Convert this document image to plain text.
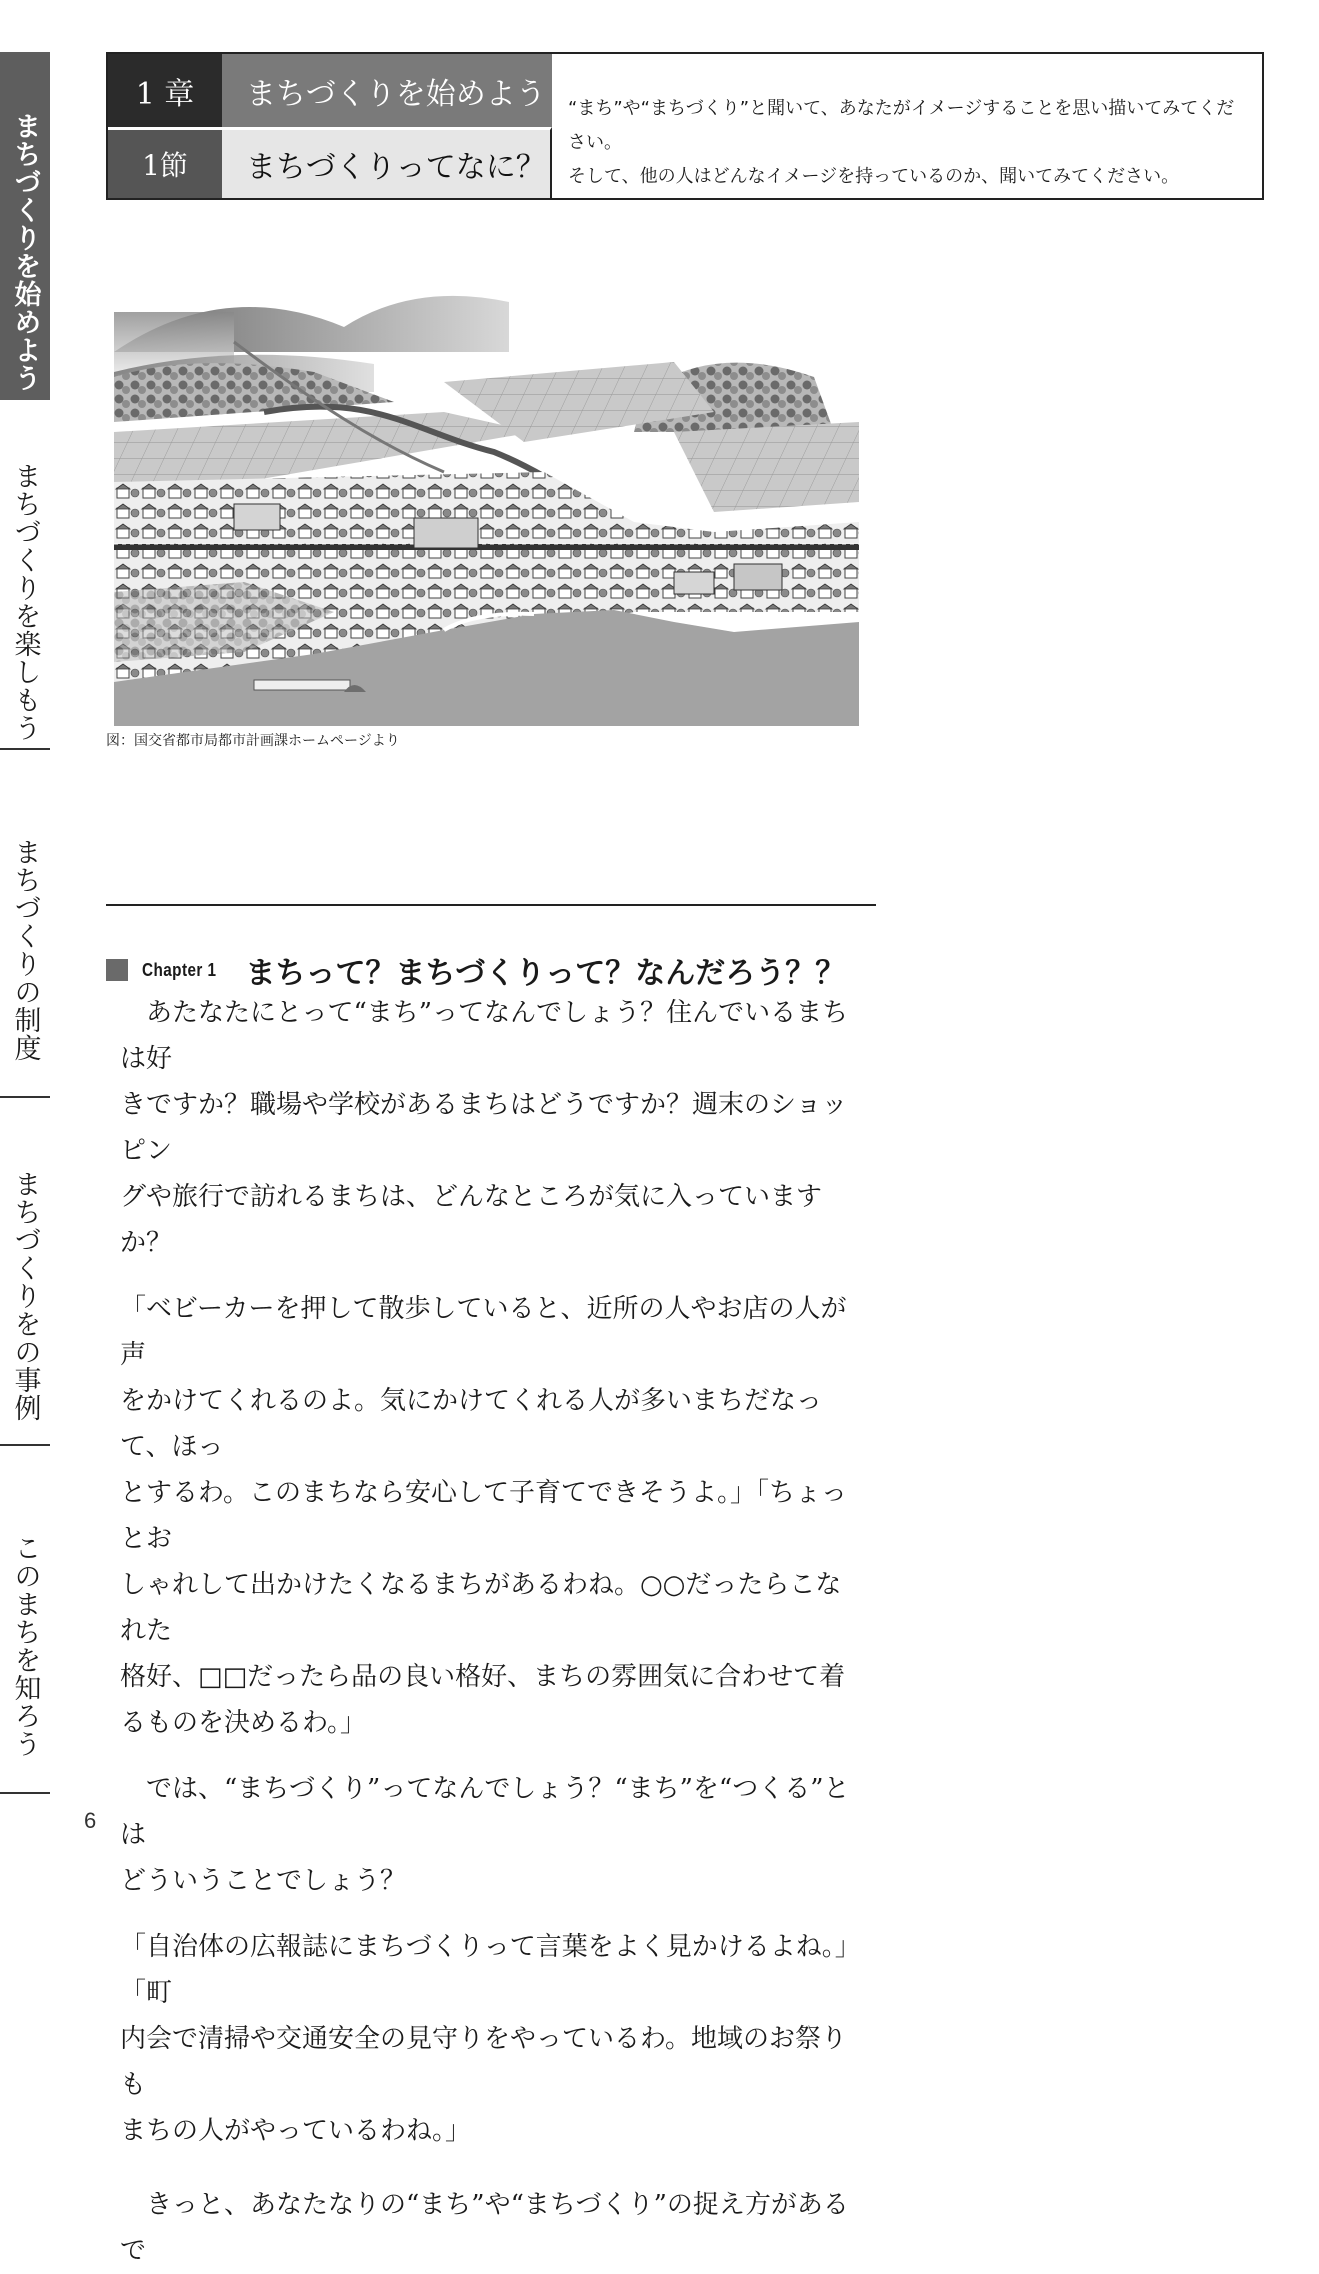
まちづくりを始めよう
まちづくりを楽しもう
まちづくりの制度
まちづくりをの事例
このまちを知ろう
1 章	まちづくりを始めよう
1節	まちづくりってなに？
“まち”や“まちづくり”と聞いて、あなたがイメージすることを思い描いてみてください。
そして、他の人はどんなイメージを持っているのか、聞いてみてください。
図：国交省都市局都市計画課ホームページより
Chapter 1 まちって？まちづくりって？なんだろう？？

　あたなたにとって“まち”ってなんでしょう？住んでいるまちは好

きですか？職場や学校があるまちはどうですか？週末のショッピン

グや旅行で訪れるまちは、どんなところが気に入っていますか？

「ベビーカーを押して散歩していると、近所の人やお店の人が声

をかけてくれるのよ。気にかけてくれる人が多いまちだなって、ほっ

とするわ。このまちなら安心して子育てできそうよ。」「ちょっとお

しゃれして出かけたくなるまちがあるわね。○○だったらこなれた

格好、□□だったら品の良い格好、まちの雰囲気に合わせて着

るものを決めるわ。」

　では、“まちづくり”ってなんでしょう？“まち”を“つくる”とは

どういうことでしょう？

「自治体の広報誌にまちづくりって言葉をよく見かけるよね。」「町

内会で清掃や交通安全の見守りをやっているわ。地域のお祭りも

まちの人がやっているわね。」

　きっと、あなたなりの“まち”や“まちづくり”の捉え方があるで

6
